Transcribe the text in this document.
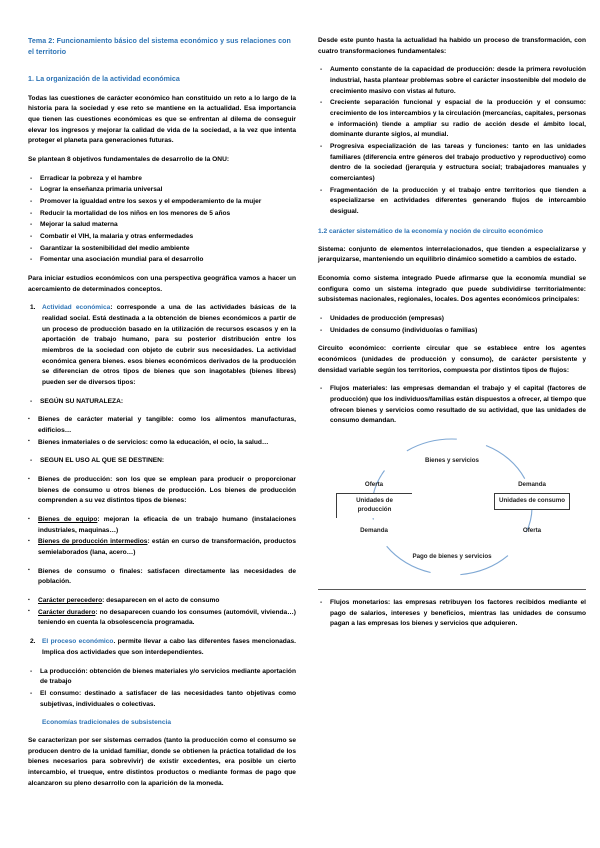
Tema 2: Funcionamiento básico del sistema económico y sus relaciones con el territorio
1. La organización de la actividad económica

Todas las cuestiones de carácter económico han constituido un reto a lo largo de la historia para la sociedad y ese reto se mantiene en la actualidad. Esa importancia que tienen las cuestiones económicas es que se enfrentan al dilema de conseguir elevar los ingresos y mejorar la calidad de vida de la sociedad, a la vez que intenta proteger el planeta para generaciones futuras.

Se plantean 8 objetivos fundamentales de desarrollo de la ONU:

- Erradicar la pobreza y el hambre
- Lograr la enseñanza primaria universal
- Promover la igualdad entre los sexos y el empoderamiento de la mujer
- Reducir la mortalidad de los niños en los menores de 5 años
- Mejorar la salud materna
- Combatir el VIH, la malaria y otras enfermedades
- Garantizar la sostenibilidad del medio ambiente
- Fomentar una asociación mundial para el desarrollo

Para iniciar estudios económicos con una perspectiva geográfica vamos a hacer un acercamiento de determinados conceptos.

Actividad económica: corresponde a una de las actividades básicas de la realidad social. Está destinada a la obtención de bienes económicos a partir de un proceso de producción basado en la utilización de recursos escasos y en la aportación de trabajo humano, para su posterior distribución entre los miembros de la sociedad con objeto de cubrir sus necesidades. La actividad económica genera bienes. esos bienes económicos derivados de la producción se diferencian de otros tipos de bienes que son inagotables (bienes libres) pueden ser de diversos tipos:
- SEGÚN SU NATURALEZA:
▪ Bienes de carácter material y tangible: como los alimentos manufacturas, edificios…
▪ Bienes inmateriales o de servicios: como la educación, el ocio, la salud…
- SEGUN EL USO AL QUE SE DESTINEN:
▪ Bienes de producción: son los que se emplean para producir o proporcionar bienes de consumo u otros bienes de producción. Los bienes de producción comprenden a su vez distintos tipos de bienes:
▪ Bienes de equipo: mejoran la eficacia de un trabajo humano (instalaciones industriales, maquinas…)
▪ Bienes de producción intermedios: están en curso de transformación, productos semielaborados (lana, acero…)
▪ Bienes de consumo o finales: satisfacen directamente las necesidades de población.
▪ Carácter perecedero: desaparecen en el acto de consumo
▪ Carácter duradero: no desaparecen cuando los consumes (automóvil, vivienda…) teniendo en cuenta la obsolescencia programada.
El proceso económico. permite llevar a cabo las diferentes fases mencionadas. Implica dos actividades que son interdependientes.
- La producción: obtención de bienes materiales y/o servicios mediante aportación de trabajo
- El consumo: destinado a satisfacer de las necesidades tanto objetivas como subjetivas, individuales o colectivas.
Economías tradicionales de subsistencia

Se caracterizan por ser sistemas cerrados (tanto la producción como el consumo se producen dentro de la unidad familiar, donde se obtienen la práctica totalidad de los bienes necesarios para sobrevivir) de existir excedentes, era posible un cierto intercambio, el trueque, entre distintos productos o mediante formas de pago que alcanzaron su pleno desarrollo con la aparición de la moneda.

Desde este punto hasta la actualidad ha habido un proceso de transformación, con cuatro transformaciones fundamentales:

- Aumento constante de la capacidad de producción: desde la primera revolución industrial, hasta plantear problemas sobre el carácter insostenible del modelo de crecimiento masivo con vistas al futuro.
- Creciente separación funcional y espacial de la producción y el consumo: crecimiento de los intercambios y la circulación (mercancías, capitales, personas e información) tiende a ampliar su radio de acción desde el ámbito local, dominante durante siglos, al mundial.
- Progresiva especialización de las tareas y funciones: tanto en las unidades familiares (diferencia entre géneros del trabajo productivo y reproductivo) como dentro de la sociedad (jerarquía y estructura social; trabajadores manuales y comerciantes)
- Fragmentación de la producción y el trabajo entre territorios que tienden a especializarse en actividades diferentes generando flujos de intercambio desigual.
1.2 carácter sistemático de la economía y noción de circuito económico

Sistema: conjunto de elementos interrelacionados, que tienden a especializarse y jerarquizarse, manteniendo un equilibrio dinámico sometido a cambios de estado.

Economía como sistema integrado Puede afirmarse que la economía mundial se configura como un sistema integrado que puede subdividirse territorialmente: subsistemas nacionales, regionales, locales. Dos agentes económicos principales:

- Unidades de producción (empresas)
- Unidades de consumo (individuo/as o familias)

Circuito económico: corriente circular que se establece entre los agentes económicos (unidades de producción y consumo), de carácter persistente y densidad variable según los territorios, compuesta por distintos tipos de flujos:

- Flujos materiales: las empresas demandan el trabajo y el capital (factores de producción) que los individuos/familias están dispuestos a ofrecer, al tiempo que ofrecen bienes y servicios como resultado de su actividad, que las unidades de consumo demandan.
Bienes y servicios
Oferta
Unidades de producción
Demanda
Demanda
Unidades de consumo
Oferta
Pago de bienes y servicios
- Flujos monetarios: las empresas retribuyen los factores recibidos mediante el pago de salarios, intereses y beneficios, mientras las unidades de consumo pagan a las empresas los bienes y servicios que adquieren.
